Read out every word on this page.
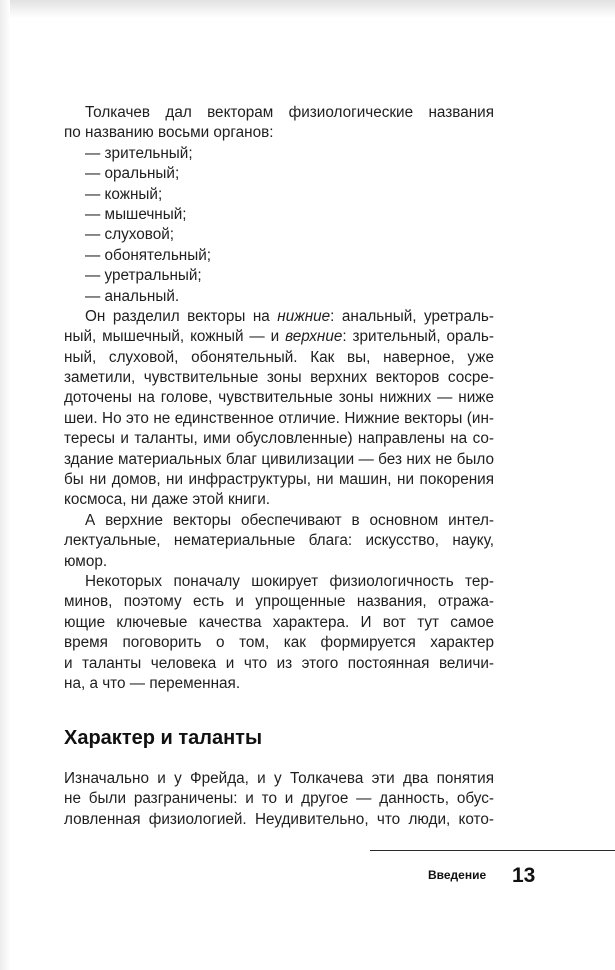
Толкачев дал векторам физиологические названия
по названию восьми органов:
— зрительный;
— оральный;
— кожный;
— мышечный;
— слуховой;
— обонятельный;
— уретральный;
— анальный.
Он разделил векторы на нижние: анальный, уретраль-
ный, мышечный, кожный — и верхние: зрительный, ораль-
ный, слуховой, обонятельный. Как вы, наверное, уже
заметили, чувствительные зоны верхних векторов сосре-
доточены на голове, чувствительные зоны нижних — ниже
шеи. Но это не единственное отличие. Нижние векторы (ин-
тересы и таланты, ими обусловленные) направлены на со-
здание материальных благ цивилизации — без них не было
бы ни домов, ни инфраструктуры, ни машин, ни покорения
космоса, ни даже этой книги.
А верхние векторы обеспечивают в основном интел-
лектуальные, нематериальные блага: искусство, науку,
юмор.
Некоторых поначалу шокирует физиологичность тер-
минов, поэтому есть и упрощенные названия, отража-
ющие ключевые качества характера. И вот тут самое
время поговорить о том, как формируется характер
и таланты человека и что из этого постоянная величи-
на, а что — переменная.
Характер и таланты
Изначально и у Фрейда, и у Толкачева эти два понятия
не были разграничены: и то и другое — данность, обус-
ловленная физиологией. Неудивительно, что люди, кото-
Введение 13
